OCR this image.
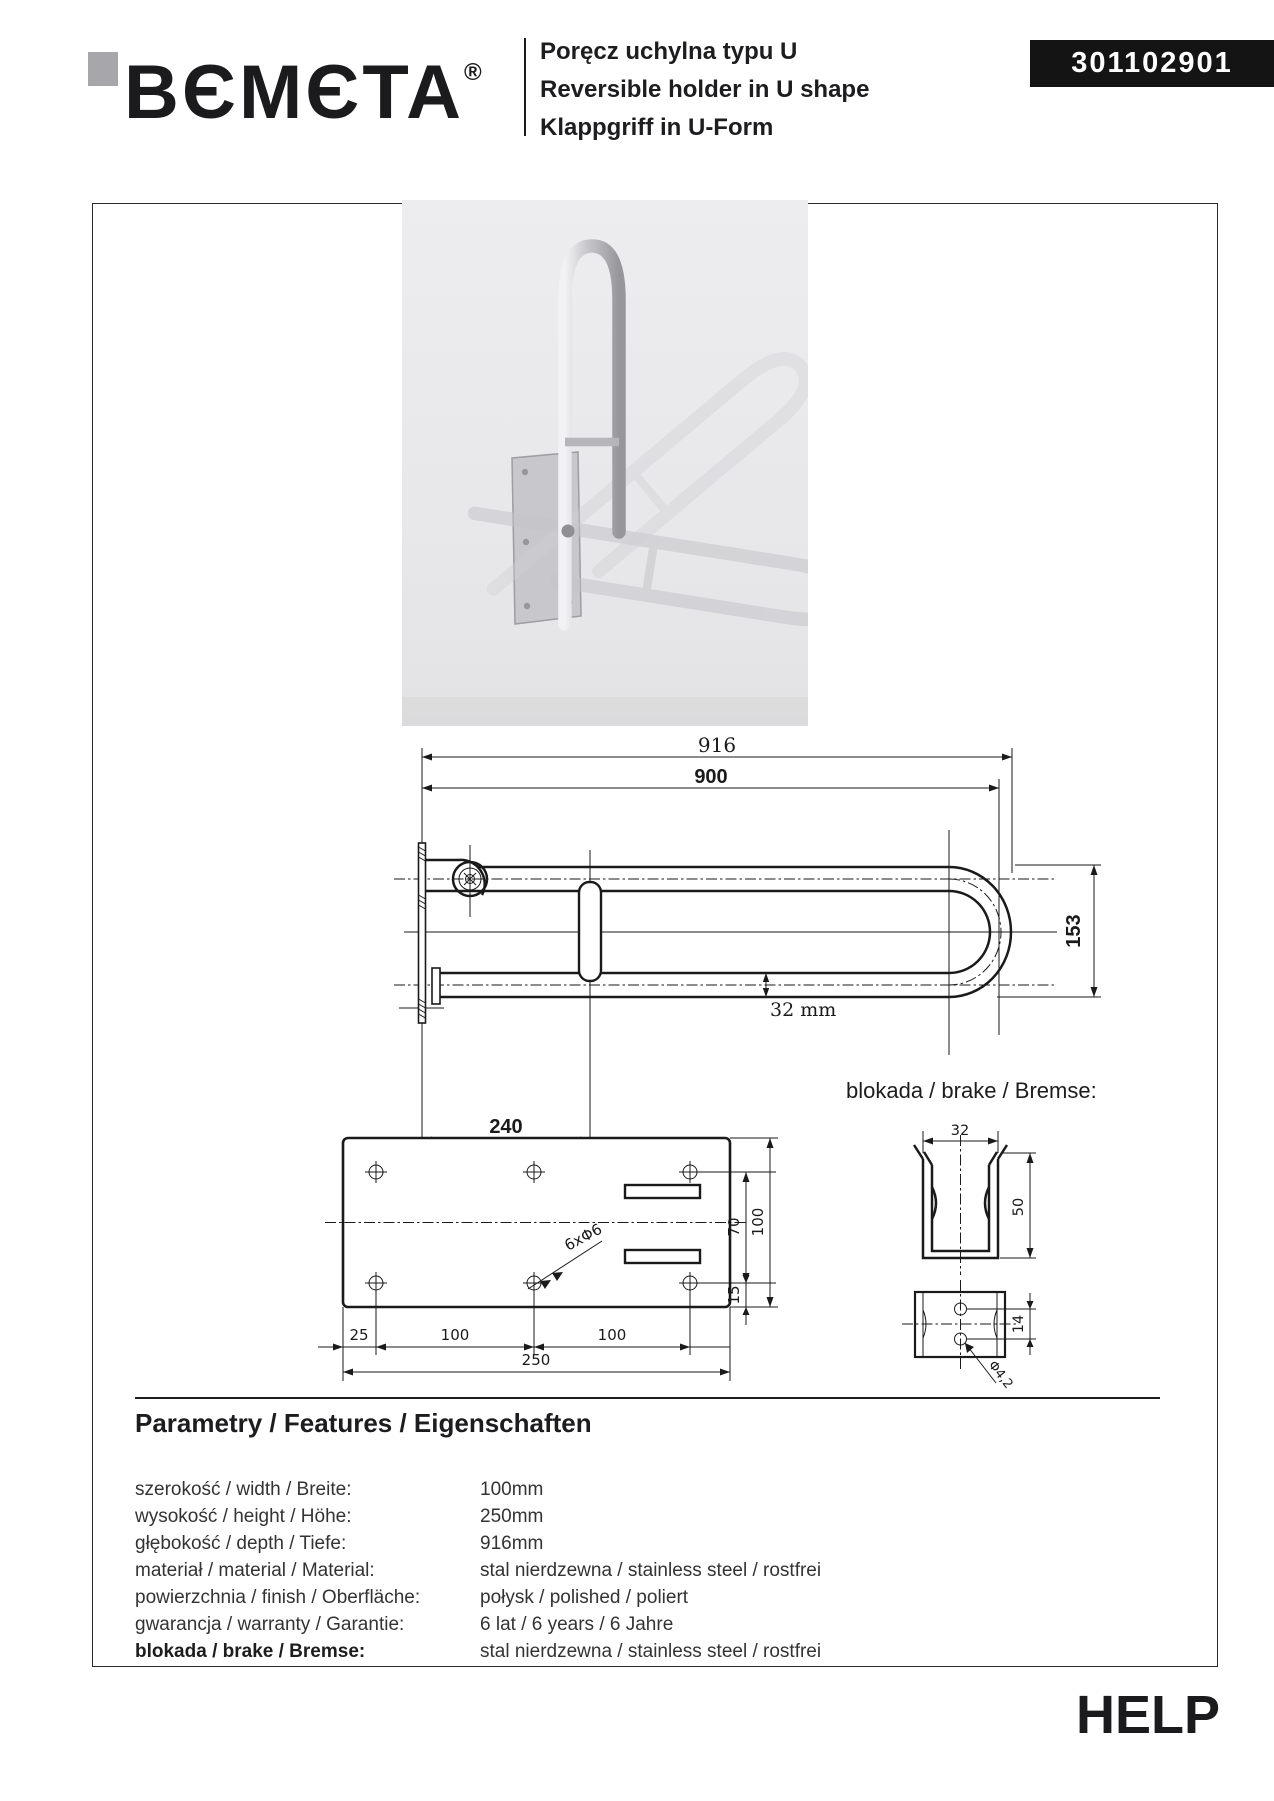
BЄMЄTA®
Poręcz uchylna typu U
Reversible holder in U shape
Klappgriff in U-Form
301102901
916
900
153
32 mm
240
blokada / brake / Bremse:
6xΦ6
25	100	100
250
70
15
100
32
50
14
Φ4,2
Parametry / Features / Eigenschaften
szerokość / width / Breite:	100mm
wysokość / height / Höhe:	250mm
głębokość / depth / Tiefe:	916mm
materiał / material / Material:	stal nierdzewna / stainless steel / rostfrei
powierzchnia / finish / Oberfläche:	połysk / polished / poliert
gwarancja / warranty / Garantie:	6 lat / 6 years / 6 Jahre
blokada / brake / Bremse:	stal nierdzewna / stainless steel / rostfrei
HELP
